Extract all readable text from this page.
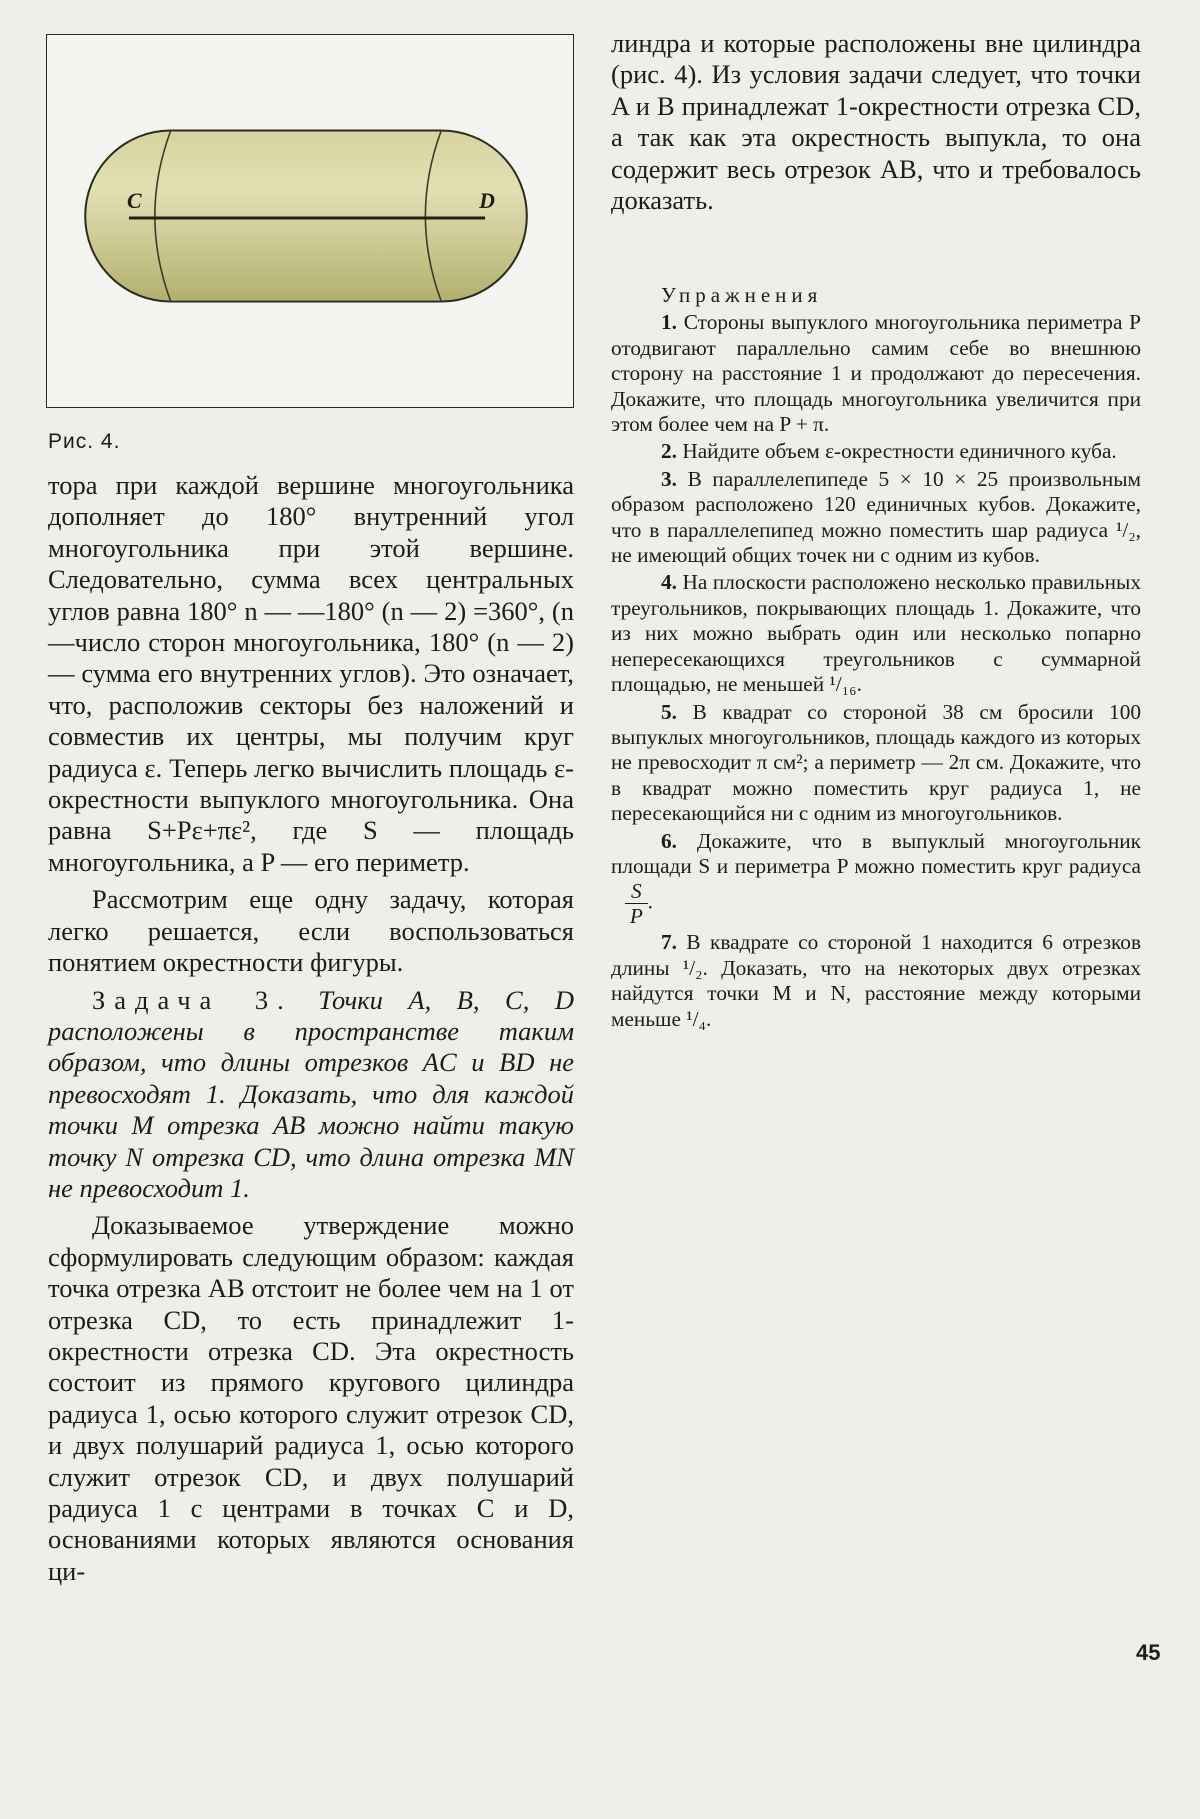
C	D
Рис. 4.

тора при каждой вершине многоугольника дополняет до 180° внутренний угол многоугольника при этой вершине. Следовательно, сумма всех центральных углов равна 180° n — —180° (n — 2) =360°, (n—число сторон многоугольника, 180° (n — 2) — сумма его внутренних углов). Это означает, что, расположив секторы без наложений и совместив их центры, мы получим круг радиуса ε. Теперь легко вычислить площадь ε-окрестности выпуклого многоугольника. Она равна S+Pε+πε², где S — площадь многоугольника, а P — его периметр.

Рассмотрим еще одну задачу, которая легко решается, если воспользоваться понятием окрестности фигуры.

Задача 3. Точки A, B, C, D расположены в пространстве таким образом, что длины отрезков AC и BD не превосходят 1. Доказать, что для каждой точки M отрезка AB можно найти такую точку N отрезка CD, что длина отрезка MN не превосходит 1.

Доказываемое утверждение можно сформулировать следующим образом: каждая точка отрезка AB отстоит не более чем на 1 от отрезка CD, то есть принадлежит 1-окрестности отрезка CD. Эта окрестность состоит из прямого кругового цилиндра радиуса 1, осью которого служит отрезок CD, и двух полушарий радиуса 1, осью которого служит отрезок CD, и двух полушарий радиуса 1 с центрами в точках C и D, основаниями которых являются основания ци-

линдра и которые расположены вне цилиндра (рис. 4). Из условия задачи следует, что точки A и B принадлежат 1-окрестности отрезка CD, а так как эта окрестность выпукла, то она содержит весь отрезок AB, что и требовалось доказать.

Упражнения

1. Стороны выпуклого многоугольника периметра P отодвигают параллельно самим себе во внешнюю сторону на расстояние 1 и продолжают до пересечения. Докажите, что площадь многоугольника увеличится при этом более чем на P + π.

2. Найдите объем ε-окрестности единичного куба.

3. В параллелепипеде 5 × 10 × 25 произвольным образом расположено 120 единичных кубов. Докажите, что в параллелепипед можно поместить шар радиуса ¹/₂, не имеющий общих точек ни с одним из кубов.

4. На плоскости расположено несколько правильных треугольников, покрывающих площадь 1. Докажите, что из них можно выбрать один или несколько попарно непересекающихся треугольников с суммарной площадью, не меньшей ¹/₁₆.

5. В квадрат со стороной 38 см бросили 100 выпуклых многоугольников, площадь каждого из которых не превосходит π см²; а периметр — 2π см. Докажите, что в квадрат можно поместить круг радиуса 1, не пересекающийся ни с одним из многоугольников.

6. Докажите, что в выпуклый многоугольник площади S и периметра P можно поместить круг радиуса
$\frac{S}{P}$ .

7. В квадрате со стороной 1 находится 6 отрезков длины ¹/₂. Доказать, что на некоторых двух отрезках найдутся точки M и N, расстояние между которыми меньше ¹/₄.

45
